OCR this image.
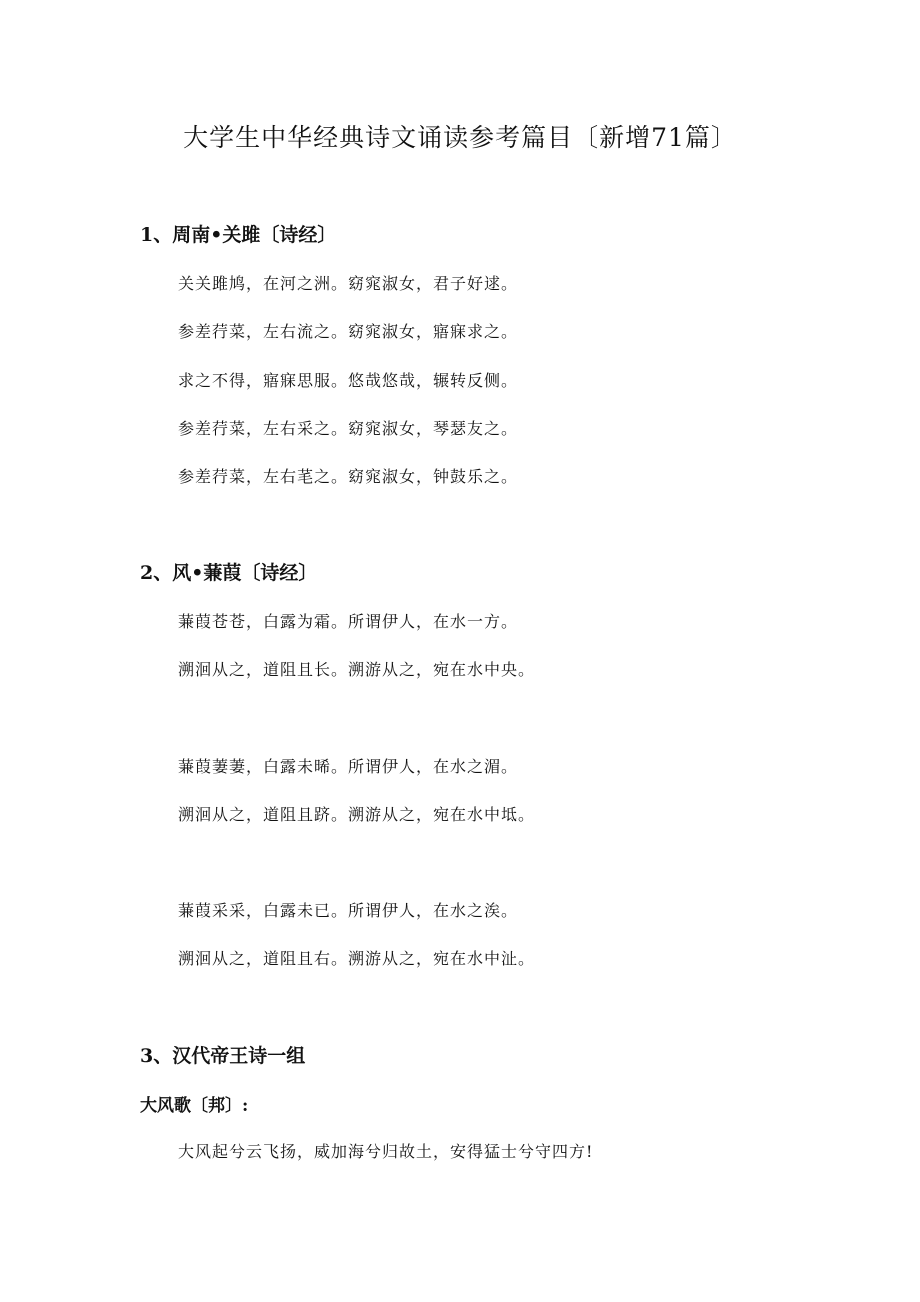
大学生中华经典诗文诵读参考篇目〔新增71篇〕
1、周南•关雎〔诗经〕

关关雎鸠，在河之洲。窈窕淑女，君子好逑。

参差荇菜，左右流之。窈窕淑女，寤寐求之。

求之不得，寤寐思服。悠哉悠哉，辗转反侧。

参差荇菜，左右采之。窈窕淑女，琴瑟友之。

参差荇菜，左右芼之。窈窕淑女，钟鼓乐之。

2、风•蒹葭〔诗经〕

蒹葭苍苍，白露为霜。所谓伊人，在水一方。

溯洄从之，道阻且长。溯游从之，宛在水中央。

蒹葭萋萋，白露未晞。所谓伊人，在水之湄。

溯洄从之，道阻且跻。溯游从之，宛在水中坻。

蒹葭采采，白露未已。所谓伊人，在水之涘。

溯洄从之，道阻且右。溯游从之，宛在水中沚。

3、汉代帝王诗一组
大风歌〔邦〕:

大风起兮云飞扬，威加海兮归故土，安得猛士兮守四方!
